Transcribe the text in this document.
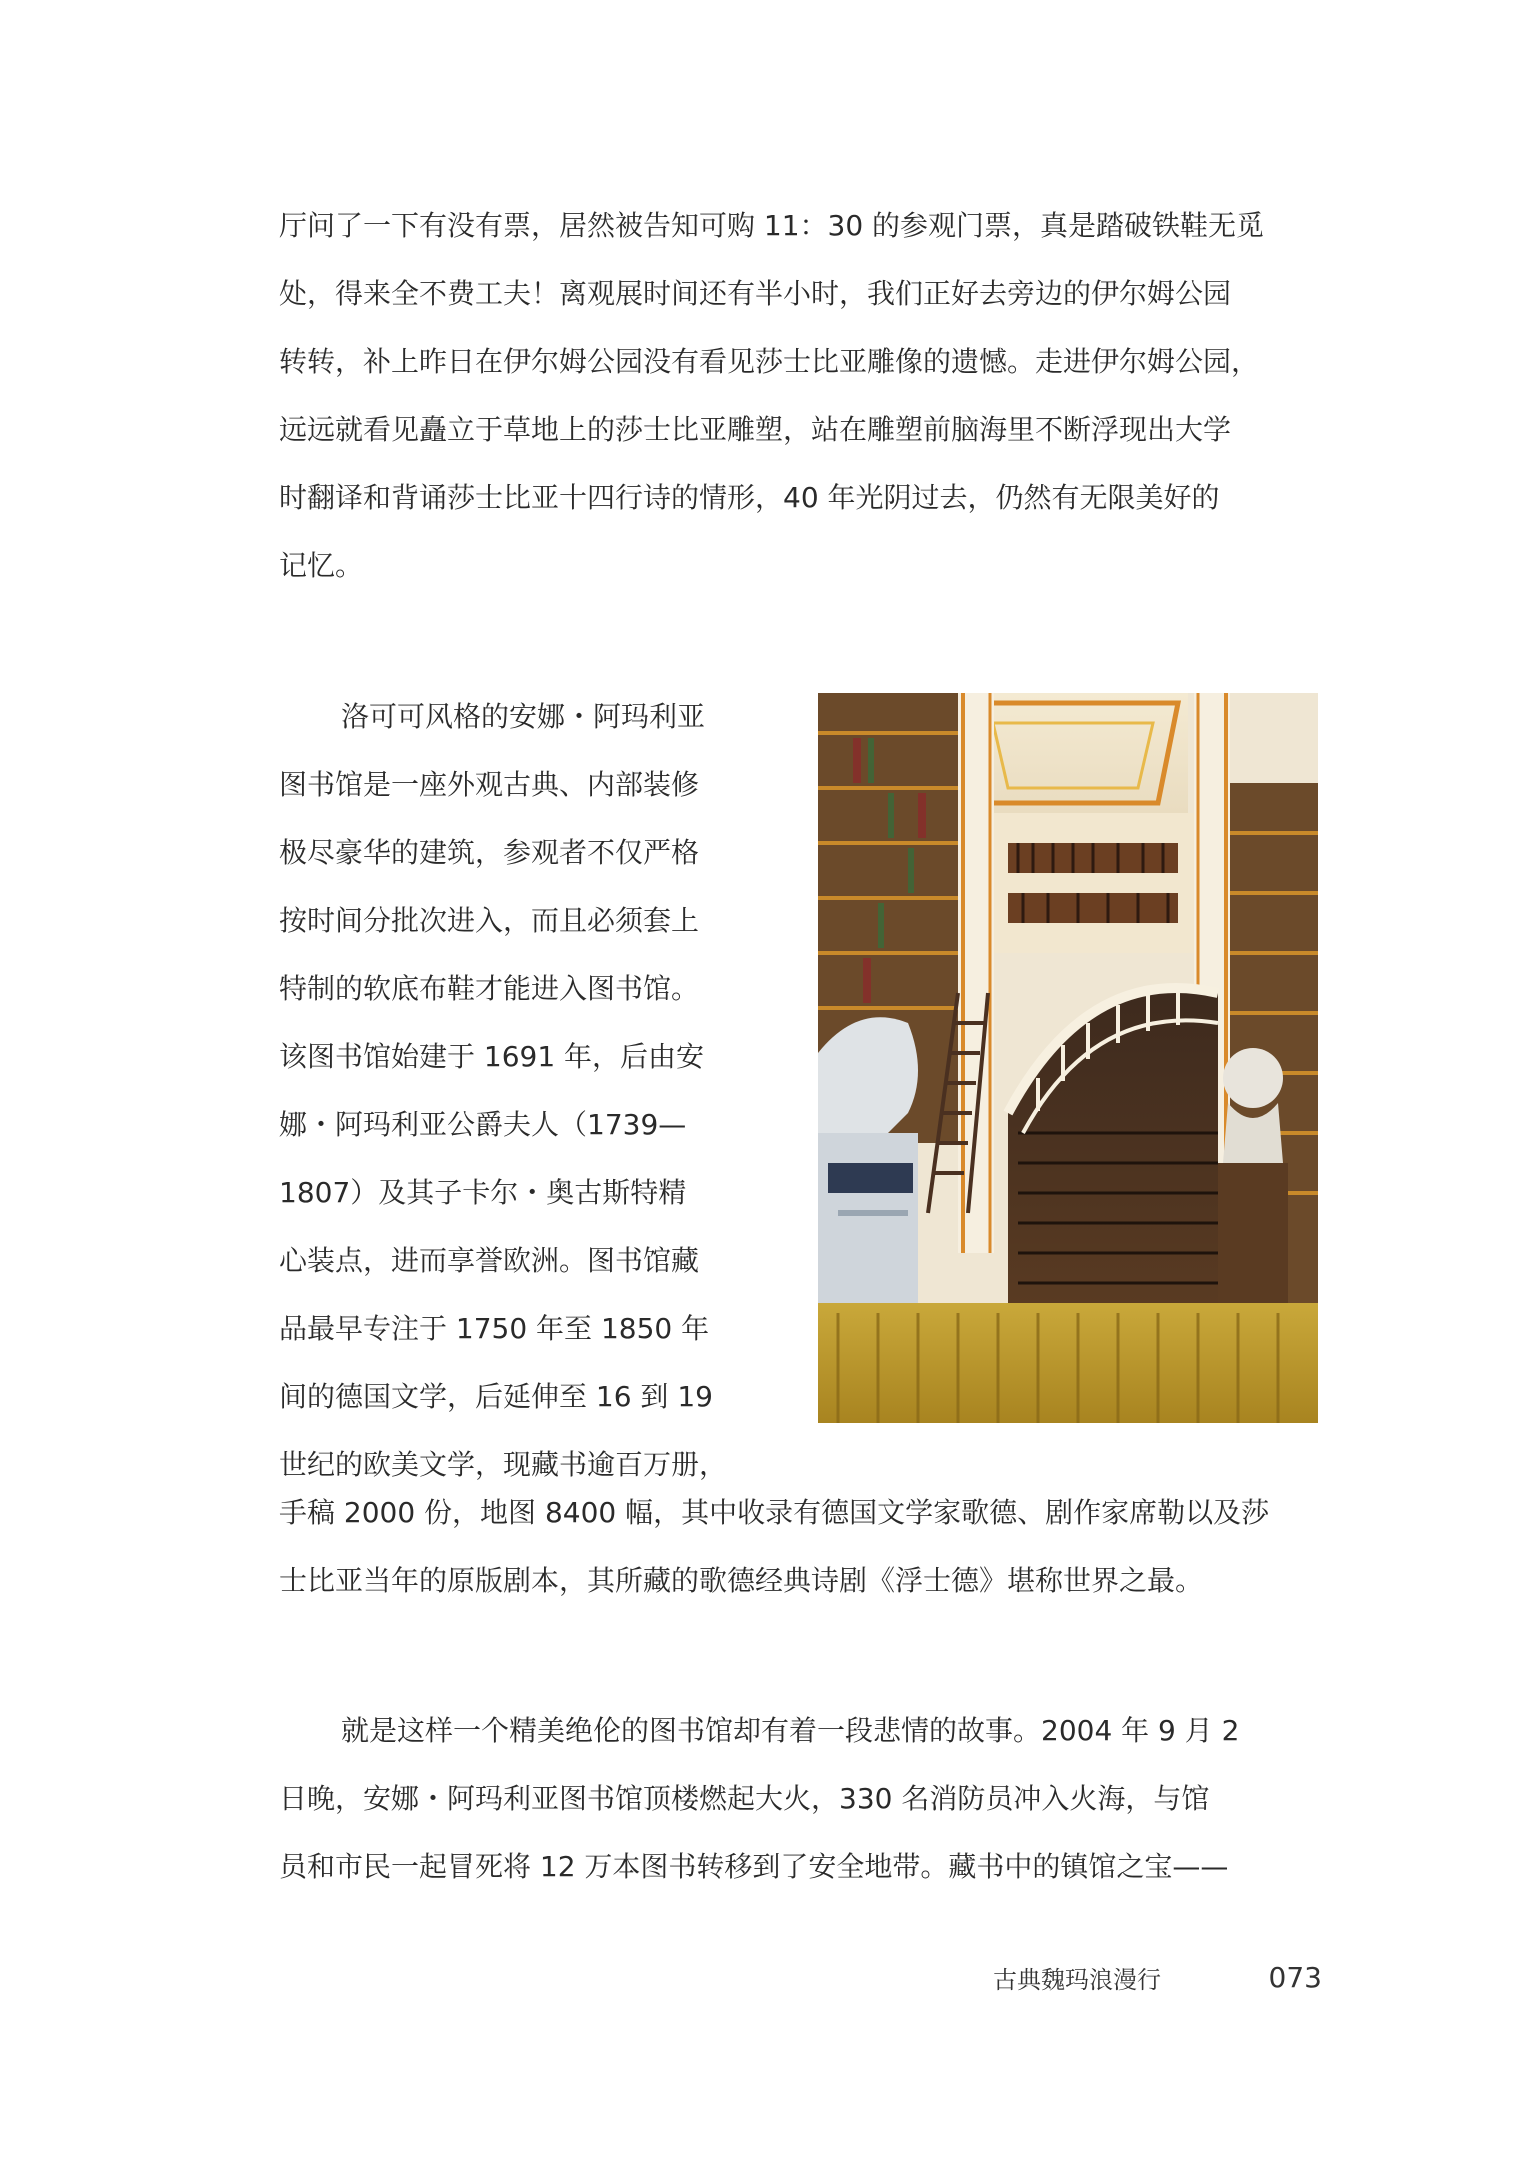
厅问了一下有没有票，居然被告知可购 11：30 的参观门票，真是踏破铁鞋无觅
处，得来全不费工夫！离观展时间还有半小时，我们正好去旁边的伊尔姆公园
转转，补上昨日在伊尔姆公园没有看见莎士比亚雕像的遗憾。走进伊尔姆公园，
远远就看见矗立于草地上的莎士比亚雕塑，站在雕塑前脑海里不断浮现出大学
时翻译和背诵莎士比亚十四行诗的情形，40 年光阴过去，仍然有无限美好的
记忆。
洛可可风格的安娜・阿玛利亚
图书馆是一座外观古典、内部装修
极尽豪华的建筑，参观者不仅严格
按时间分批次进入，而且必须套上
特制的软底布鞋才能进入图书馆。
该图书馆始建于 1691 年，后由安
娜・阿玛利亚公爵夫人（1739—
1807）及其子卡尔・奥古斯特精
心装点，进而享誉欧洲。图书馆藏
品最早专注于 1750 年至 1850 年
间的德国文学，后延伸至 16 到 19
世纪的欧美文学，现藏书逾百万册，
手稿 2000 份，地图 8400 幅，其中收录有德国文学家歌德、剧作家席勒以及莎
士比亚当年的原版剧本，其所藏的歌德经典诗剧《浮士德》堪称世界之最。
就是这样一个精美绝伦的图书馆却有着一段悲情的故事。2004 年 9 月 2
日晚，安娜・阿玛利亚图书馆顶楼燃起大火，330 名消防员冲入火海，与馆
员和市民一起冒死将 12 万本图书转移到了安全地带。藏书中的镇馆之宝——
古典魏玛浪漫行	073
